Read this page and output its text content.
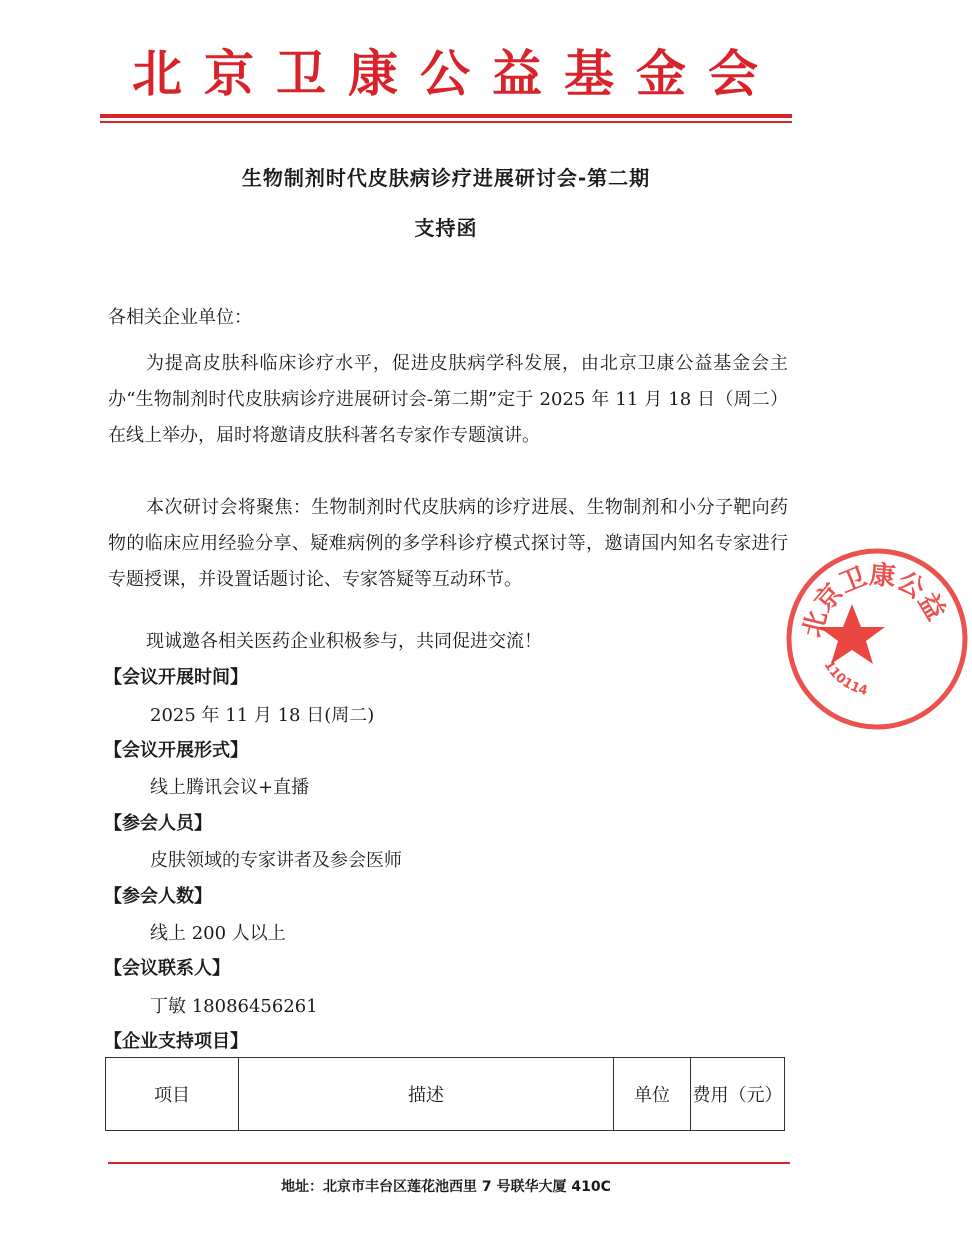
北京卫康公益基金会
生物制剂时代皮肤病诊疗进展研讨会-第二期
支持函
各相关企业单位：
为提高皮肤科临床诊疗水平，促进皮肤病学科发展，由北京卫康公益基金会主办“生物制剂时代皮肤病诊疗进展研讨会-第二期”定于 2025 年 11 月 18 日（周二）在线上举办，届时将邀请皮肤科著名专家作专题演讲。
本次研讨会将聚焦：生物制剂时代皮肤病的诊疗进展、生物制剂和小分子靶向药物的临床应用经验分享、疑难病例的多学科诊疗模式探讨等，邀请国内知名专家进行专题授课，并设置话题讨论、专家答疑等互动环节。
现诚邀各相关医药企业积极参与，共同促进交流！
【会议开展时间】
2025 年 11 月 18 日(周二)
【会议开展形式】
线上腾讯会议+直播
【参会人员】
皮肤领域的专家讲者及参会医师
【参会人数】
线上 200 人以上
【会议联系人】
丁敏 18086456261
【企业支持项目】
项目	描述	单位	费用（元）
地址：北京市丰台区莲花池西里 7 号联华大厦 410C
北京卫康公益
110114
